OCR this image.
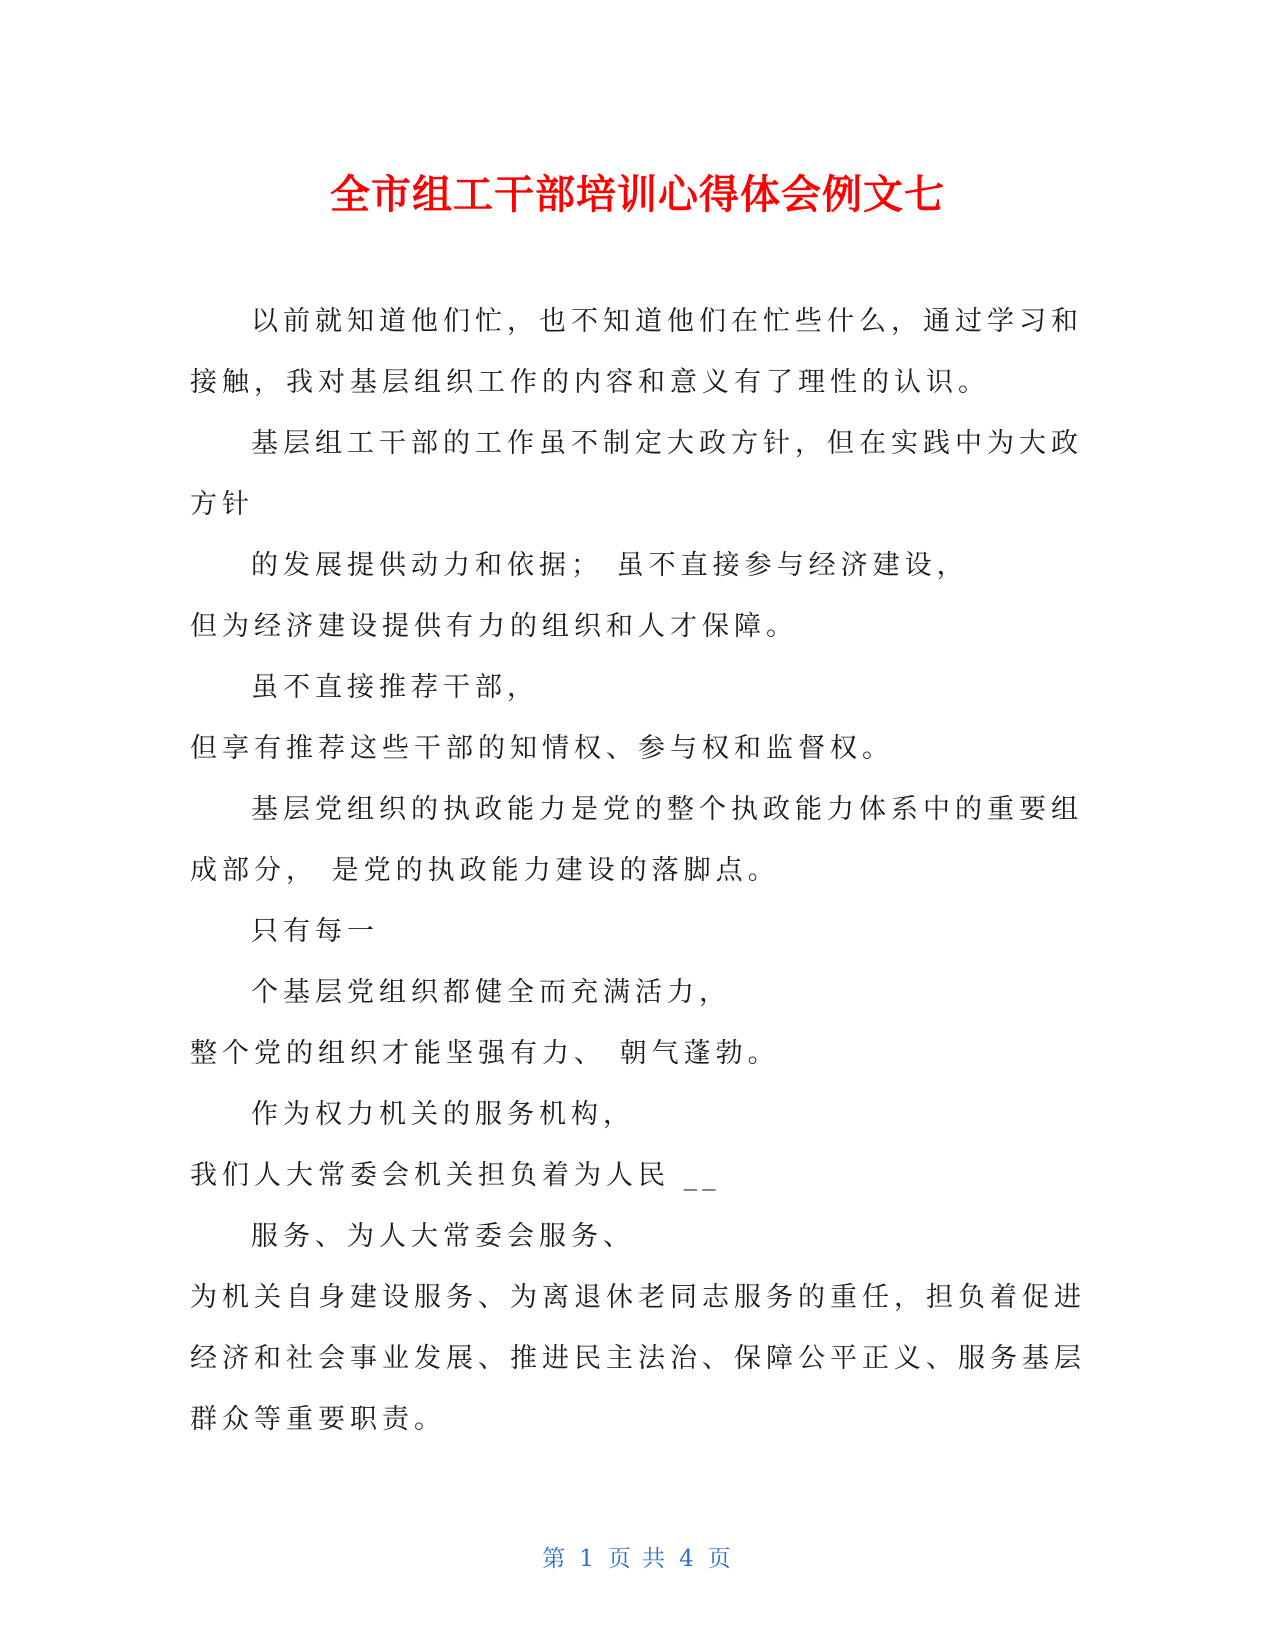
全市组工干部培训心得体会例文七
以前就知道他们忙，也不知道他们在忙些什么，通过学习和
接触，我对基层组织工作的内容和意义有了理性的认识。
基层组工干部的工作虽不制定大政方针，但在实践中为大政
方针
的发展提供动力和依据； 虽不直接参与经济建设，
但为经济建设提供有力的组织和人才保障。
虽不直接推荐干部，
但享有推荐这些干部的知情权、参与权和监督权。
基层党组织的执政能力是党的整个执政能力体系中的重要组
成部分， 是党的执政能力建设的落脚点。
只有每一
个基层党组织都健全而充满活力，
整个党的组织才能坚强有力、 朝气蓬勃。
作为权力机关的服务机构，
我们人大常委会机关担负着为人民 __
服务、为人大常委会服务、
为机关自身建设服务、为离退休老同志服务的重任，担负着促进
经济和社会事业发展、推进民主法治、保障公平正义、服务基层
群众等重要职责。
第 1 页 共 4 页
